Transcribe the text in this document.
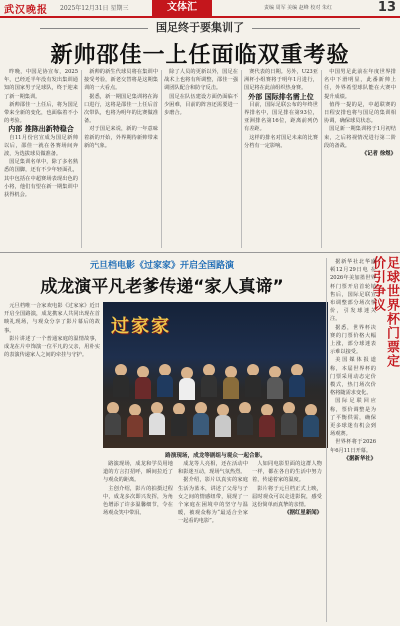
武汉晚报 2025年12月31日 星期三	文体汇	责编 周军 美编 赵峰 校对 朱红	13
国足终于要集训了
新帅邵佳一上任面临双重考验

昨晚，中国足协宣布，2025年，已经近半年没有发出集训通知的国家男子足球队，终于迎来了新一期集训。

新帅邵佳一上任后，将为国足带来全新的变化，也面临着不小的考验。

内部 推陈出新特稳合

自11月份官宣成为国足新帅以后，邵佳一就在各赛场间奔波，为选拔球员做准备。

国足集训名单中，除了多名熟悉的国脚，还有不少年轻面孔，其中包括在中超赛场表现出色的小将，他们有望在新一期集训中获得机会。

新帅的新生代球员将在集训中接受考验，新老交替将是这期集训的一大看点。

据悉，新一期国足集训将在海口进行，这将是邵佳一上任后首次带队，也将为明年的比赛做准备。

对于国足来说，新的一年意味着新的开始，外界期待新帅带来新的气象。

除了人员的更新以外，国足在战术上也将有所调整，邵佳一强调团队配合和防守反击。

国足在队伍建设方面仍面临不少困难，目前的阵容还需要进一步磨合。

赛代表的日期。另外，U23亚洲杯小组赛将于明年1月进行，国足将在此前组织热身赛。

外部 国际排名需上位

目前，国际足联公布的年终世界排名中，国足排在第93位，亚洲排名第16位，距离前列仍有差距。

这样的排名对国足未来的比赛分档有一定影响。

中国男足此前在年度世界排名中下滑明显，此番新帅上任，外界希望球队能在大赛中提升成绩。

值得一提的是，中超联赛的日程安排也将与国足的集训相协调，确保球员状态。

国足新一期集训将于1月初结束，之后将视情况进行第二阶段的备战。

《记者 徐煜》

元旦档电影《过家家》开启全国路演
成龙演平凡老爹传递“家人真谛”

元旦档唯一合家欢电影《过家家》近日开启全国路演，成龙携家人共同出现在首映礼现场，与观众分享了影片幕后的故事。

影片讲述了一个普通家庭的温情故事，成龙在片中饰演一位平凡的父亲，用朴实的表演传递家人之间的牵挂与守护。

过家家
路演现场，成龙等剧组与观众一起合影。

路演现场，成龙和学员用地道的方言打招呼，瞬间拉近了与观众的距离。

主创介绍，影片的拍摄过程中，成龙多次即兴发挥，为角色增添了许多温馨细节，令在场观众笑中带泪。

成龙等人亮相，还在活动中和影迷互动，现场气氛热烈。

据介绍，影片以真实的家庭生活为蓝本，讲述了父母与子女之间的情感纽带，展现了一个家庭在困境中的坚守与温暖，被观众称为“最适合全家一起看的电影”。

人如同电影里面的这群人物一样，都在各自的生活中努力着，传递着家的温度。

影片将于元旦档正式上映，届时观众可以走进影院，感受这份简单而真挚的亲情。

《据红星新闻》

足球世界杯门票定价引争议

据新华社北华盛顿12月29日电 在2026年美加墨世界杯门票开启首轮销售后，国际足联宣布调整部分场次票价，引发球迷关注。

据悉，世界杯决赛的门票价格大幅上涨，部分球迷表示难以接受。

美国媒体报道称，本届世界杯的门票采用动态定价模式，热门场次价格将随需求变化。

国际足联回应称，票价调整是为了平衡供需，确保更多球迷有机会到场观赛。

世界杯将于2026年6月11日开幕。

《据新华社》
